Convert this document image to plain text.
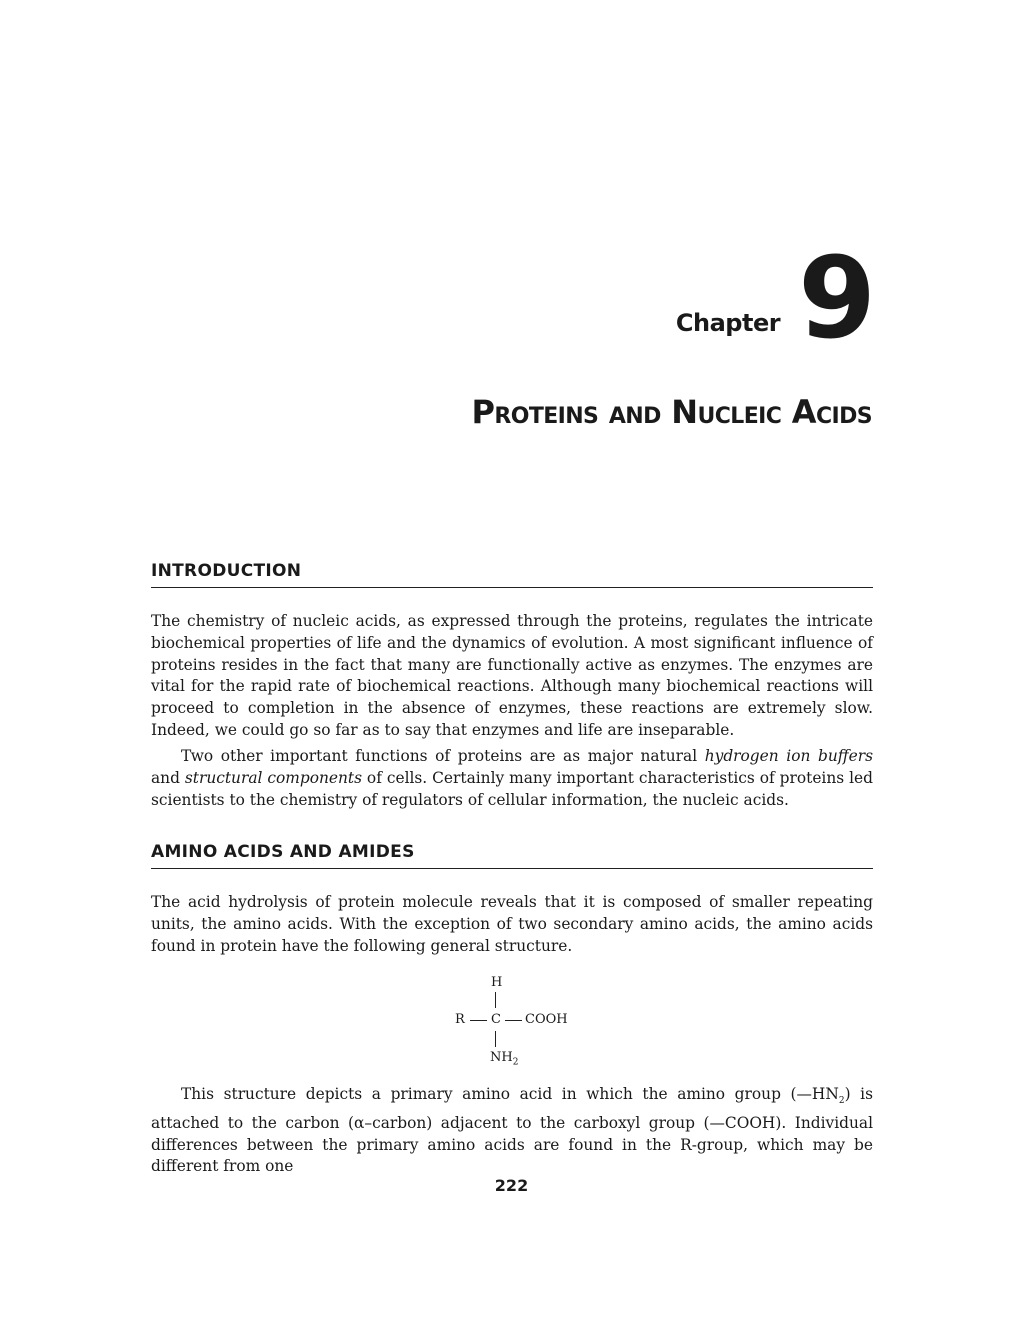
Chapter 9
Proteins and Nucleic Acids
INTRODUCTION

The chemistry of nucleic acids, as expressed through the proteins, regulates the intricate biochemical properties of life and the dynamics of evolution. A most significant influence of proteins resides in the fact that many are functionally active as enzymes. The enzymes are vital for the rapid rate of biochemical reactions. Although many biochemical reactions will proceed to completion in the absence of enzymes, these reactions are extremely slow. Indeed, we could go so far as to say that enzymes and life are inseparable.

Two other important functions of proteins are as major natural hydrogen ion buffers and structural components of cells. Certainly many important characteristics of proteins led scientists to the chemistry of regulators of cellular information, the nucleic acids.

AMINO ACIDS AND AMIDES

The acid hydrolysis of protein molecule reveals that it is composed of smaller repeating units, the amino acids. With the exception of two secondary amino acids, the amino acids found in protein have the following general structure.

H
R C COOH
$NH_2$

This structure depicts a primary amino acid in which the amino group $(—HN_2)$ is attached to the carbon (α–carbon) adjacent to the carboxyl group (—COOH). Individual differences between the primary amino acids are found in the R-group, which may be different from one

222
